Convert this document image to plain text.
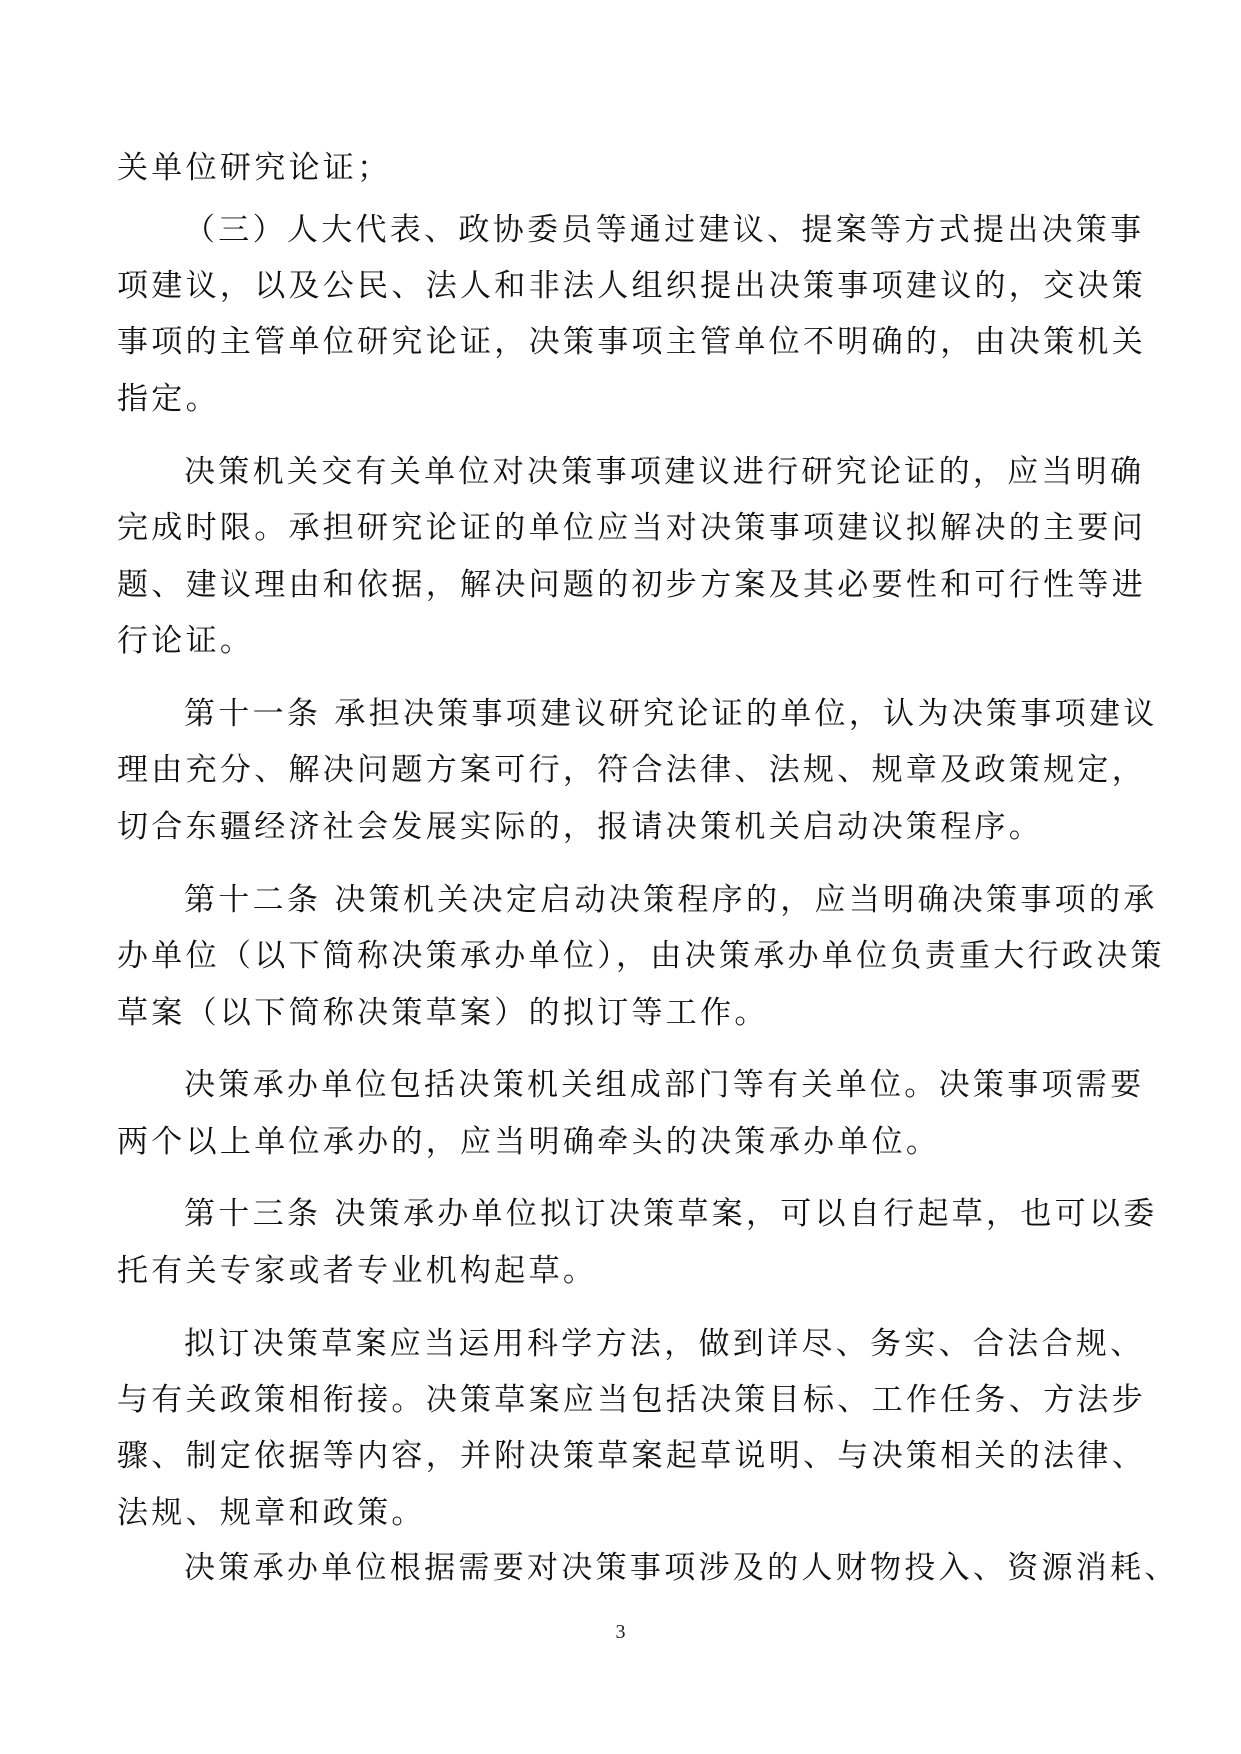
关单位研究论证；
（三）人大代表、政协委员等通过建议、提案等方式提出决策事
项建议，以及公民、法人和非法人组织提出决策事项建议的，交决策
事项的主管单位研究论证，决策事项主管单位不明确的，由决策机关
指定。
决策机关交有关单位对决策事项建议进行研究论证的，应当明确
完成时限。承担研究论证的单位应当对决策事项建议拟解决的主要问
题、建议理由和依据，解决问题的初步方案及其必要性和可行性等进
行论证。
第十一条 承担决策事项建议研究论证的单位，认为决策事项建议
理由充分、解决问题方案可行，符合法律、法规、规章及政策规定，
切合东疆经济社会发展实际的，报请决策机关启动决策程序。
第十二条 决策机关决定启动决策程序的，应当明确决策事项的承
办单位（以下简称决策承办单位），由决策承办单位负责重大行政决策
草案（以下简称决策草案）的拟订等工作。
决策承办单位包括决策机关组成部门等有关单位。决策事项需要
两个以上单位承办的，应当明确牵头的决策承办单位。
第十三条 决策承办单位拟订决策草案，可以自行起草，也可以委
托有关专家或者专业机构起草。
拟订决策草案应当运用科学方法，做到详尽、务实、合法合规、
与有关政策相衔接。决策草案应当包括决策目标、工作任务、方法步
骤、制定依据等内容，并附决策草案起草说明、与决策相关的法律、
法规、规章和政策。
决策承办单位根据需要对决策事项涉及的人财物投入、资源消耗、
3
